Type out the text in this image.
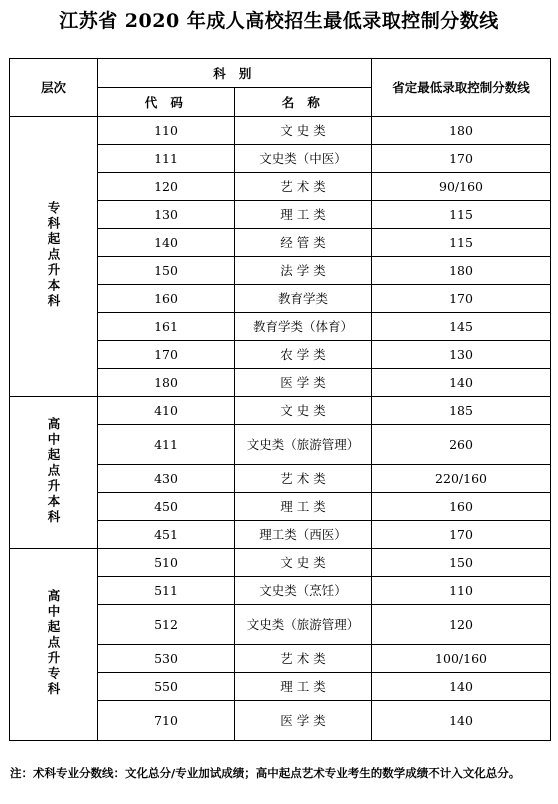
江苏省 2020 年成人高校招生最低录取控制分数线
层次	科 别		省定最低录取控制分数线
	代 码	名 称	
专科起点升本科	110	文 史 类	180
	111	文史类（中医）	170
	120	艺 术 类	90/160
	130	理 工 类	115
	140	经 管 类	115
	150	法 学 类	180
	160	教育学类	170
	161	教育学类（体育）	145
	170	农 学 类	130
	180	医 学 类	140
高中起点升本科	410	文 史 类	185
	411	文史类（旅游管理）	260
	430	艺 术 类	220/160
	450	理 工 类	160
	451	理工类（西医）	170
高中起点升专科	510	文 史 类	150
	511	文史类（烹饪）	110
	512	文史类（旅游管理）	120
	530	艺 术 类	100/160
	550	理 工 类	140
	710	医 学 类	140
注：术科专业分数线：文化总分/专业加试成绩；高中起点艺术专业考生的数学成绩不计入文化总分。
